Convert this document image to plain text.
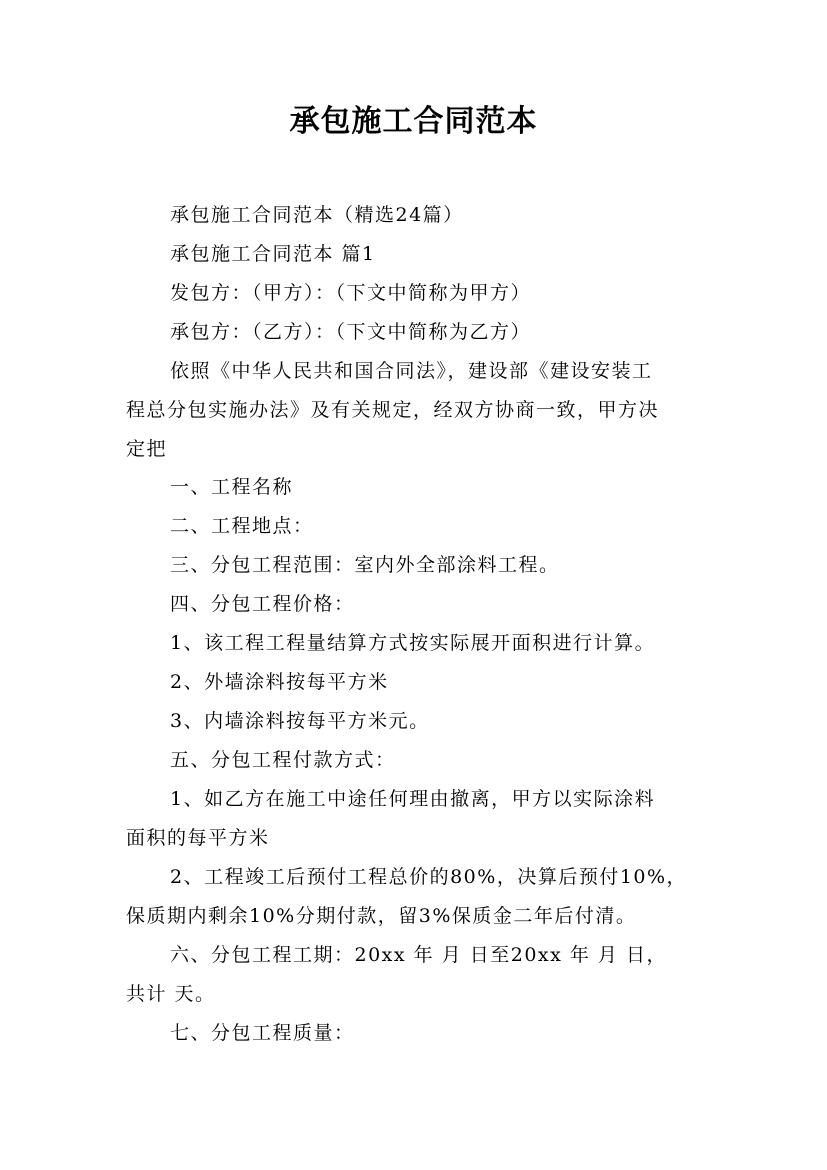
承包施工合同范本
承包施工合同范本（精选24篇）
承包施工合同范本 篇1
发包方：（甲方）：（下文中简称为甲方）
承包方：（乙方）：（下文中简称为乙方）
依照《中华人民共和国合同法》，建设部《建设安装工
程总分包实施办法》及有关规定，经双方协商一致，甲方决
定把
一、工程名称
二、工程地点：
三、分包工程范围：室内外全部涂料工程。
四、分包工程价格：
1、该工程工程量结算方式按实际展开面积进行计算。
2、外墙涂料按每平方米
3、内墙涂料按每平方米元。
五、分包工程付款方式：
1、如乙方在施工中途任何理由撤离，甲方以实际涂料
面积的每平方米
2、工程竣工后预付工程总价的80%，决算后预付10%，
保质期内剩余10%分期付款，留3%保质金二年后付清。
六、分包工程工期：20xx 年 月 日至20xx 年 月 日，
共计 天。
七、分包工程质量：
